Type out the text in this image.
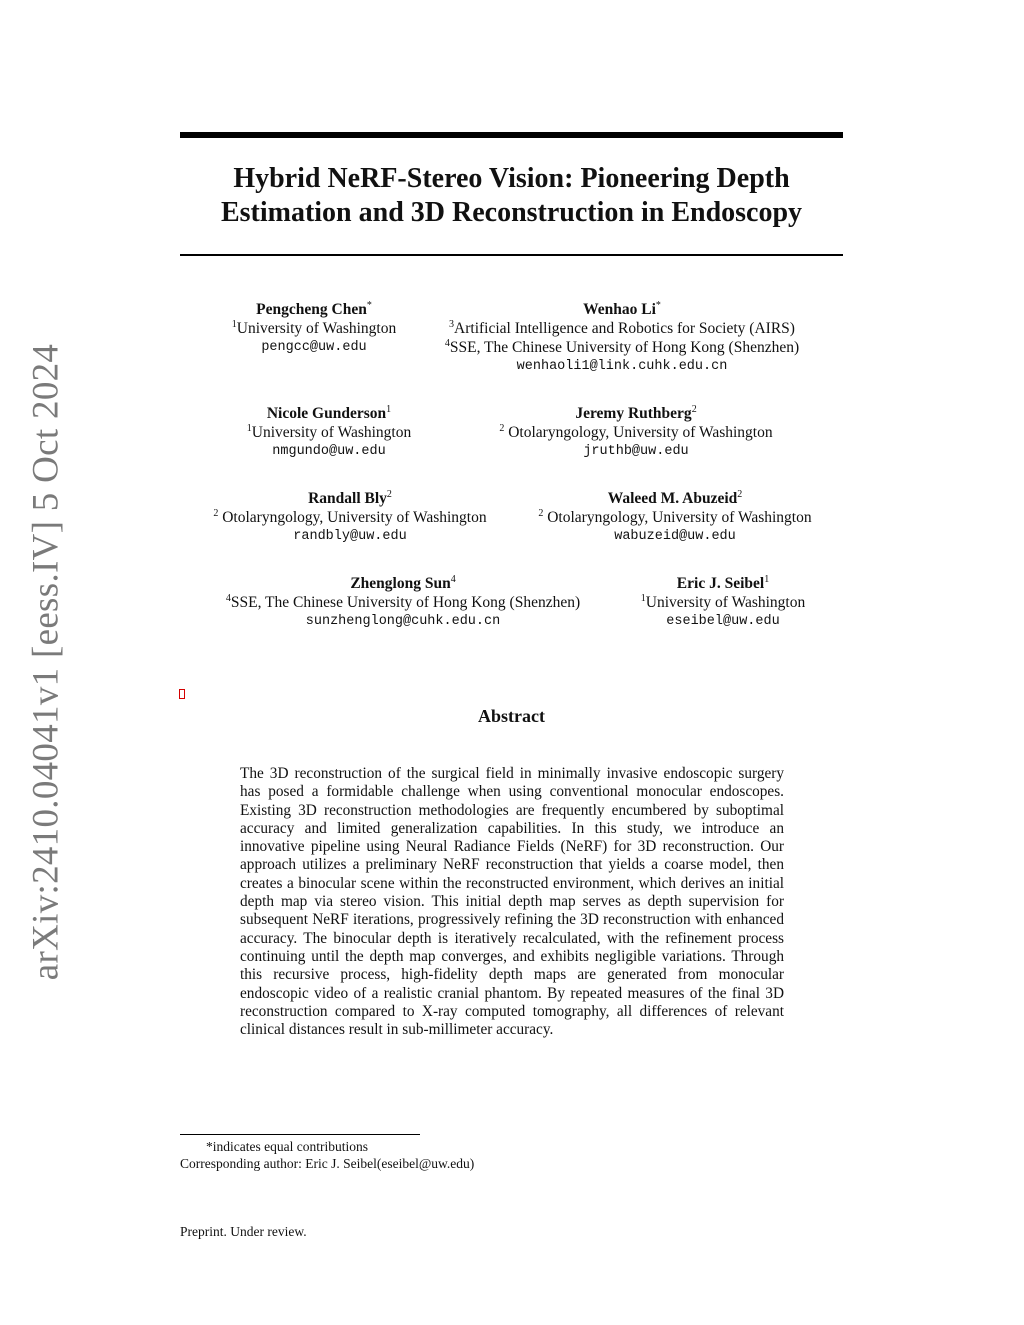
arXiv:2410.04041v1 [eess.IV] 5 Oct 2024
Hybrid NeRF-Stereo Vision: Pioneering Depth Estimation and 3D Reconstruction in Endoscopy
Pengcheng Chen*
$^1$University of Washington
pengcc@uw.edu
Wenhao Li*
$^3$Artificial Intelligence and Robotics for Society (AIRS)
$^4$SSE, The Chinese University of Hong Kong (Shenzhen)
wenhaoli1@link.cuhk.edu.cn
Nicole Gunderson$^1$
$^1$University of Washington
nmgundo@uw.edu
Jeremy Ruthberg$^2$
$^2$ Otolaryngology, University of Washington
jruthb@uw.edu
Randall Bly$^2$
$^2$ Otolaryngology, University of Washington
randbly@uw.edu
Waleed M. Abuzeid$^2$
$^2$ Otolaryngology, University of Washington
wabuzeid@uw.edu
Zhenglong Sun$^4$
$^4$SSE, The Chinese University of Hong Kong (Shenzhen)
sunzhenglong@cuhk.edu.cn
Eric J. Seibel$^1$
$^1$University of Washington
eseibel@uw.edu
Abstract

The 3D reconstruction of the surgical field in minimally invasive endoscopic surgery has posed a formidable challenge when using conventional monocular endoscopes. Existing 3D reconstruction methodologies are frequently encumbered by suboptimal accuracy and limited generalization capabilities. In this study, we introduce an innovative pipeline using Neural Radiance Fields (NeRF) for 3D reconstruction. Our approach utilizes a preliminary NeRF reconstruction that yields a coarse model, then creates a binocular scene within the reconstructed environment, which derives an initial depth map via stereo vision. This initial depth map serves as depth supervision for subsequent NeRF iterations, progressively refining the 3D reconstruction with enhanced accuracy. The binocular depth is iteratively recalculated, with the refinement process continuing until the depth map converges, and exhibits negligible variations. Through this recursive process, high-fidelity depth maps are generated from monocular endoscopic video of a realistic cranial phantom. By repeated measures of the final 3D reconstruction compared to X-ray computed tomography, all differences of relevant clinical distances result in sub-millimeter accuracy.

*indicates equal contributions
Corresponding author: Eric J. Seibel(eseibel@uw.edu)
Preprint. Under review.
